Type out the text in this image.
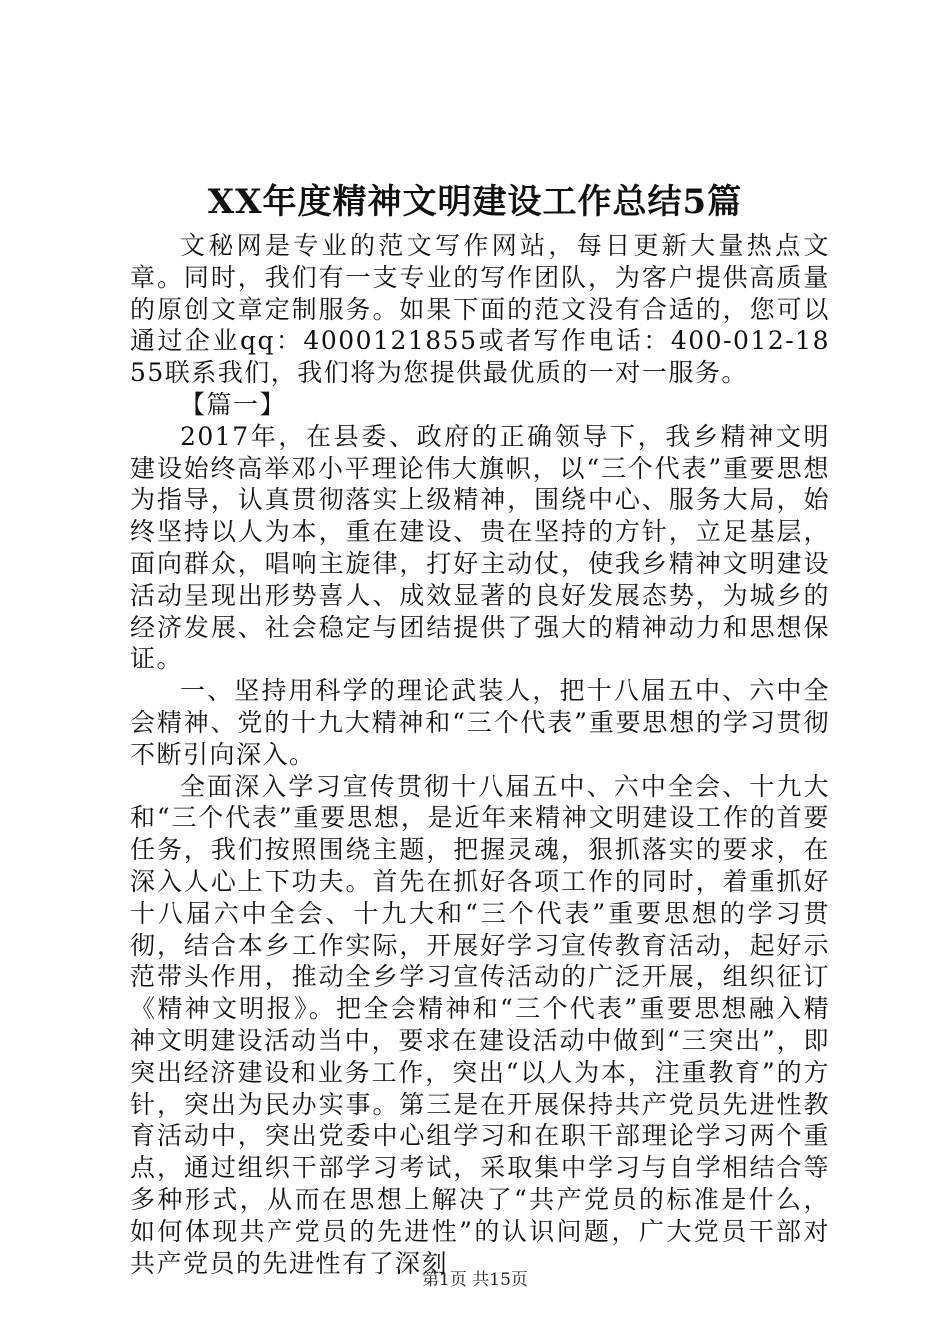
XX年度精神文明建设工作总结5篇

文秘网是专业的范文写作网站，每日更新大量热点文章。同时，我们有一支专业的写作团队，为客户提供高质量的原创文章定制服务。如果下面的范文没有合适的，您可以通过企业qq：4000121855或者写作电话：400-012-1855联系我们，我们将为您提供最优质的一对一服务。

【篇一】

2017年，在县委、政府的正确领导下，我乡精神文明建设始终高举邓小平理论伟大旗帜，以“三个代表”重要思想为指导，认真贯彻落实上级精神，围绕中心、服务大局，始终坚持以人为本，重在建设、贵在坚持的方针，立足基层，面向群众，唱响主旋律，打好主动仗，使我乡精神文明建设活动呈现出形势喜人、成效显著的良好发展态势，为城乡的经济发展、社会稳定与团结提供了强大的精神动力和思想保证。

一、坚持用科学的理论武装人，把十八届五中、六中全会精神、党的十九大精神和“三个代表”重要思想的学习贯彻不断引向深入。

全面深入学习宣传贯彻十八届五中、六中全会、十九大和“三个代表”重要思想，是近年来精神文明建设工作的首要任务，我们按照围绕主题，把握灵魂，狠抓落实的要求，在深入人心上下功夫。首先在抓好各项工作的同时，着重抓好十八届六中全会、十九大和“三个代表”重要思想的学习贯彻，结合本乡工作实际，开展好学习宣传教育活动，起好示范带头作用，推动全乡学习宣传活动的广泛开展，组织征订《精神文明报》。把全会精神和“三个代表”重要思想融入精神文明建设活动当中，要求在建设活动中做到“三突出”，即突出经济建设和业务工作，突出“以人为本，注重教育”的方针，突出为民办实事。第三是在开展保持共产党员先进性教育活动中，突出党委中心组学习和在职干部理论学习两个重点，通过组织干部学习考试，采取集中学习与自学相结合等多种形式，从而在思想上解决了“共产党员的标准是什么，如何体现共产党员的先进性”的认识问题，广大党员干部对共产党员的先进性有了深刻

第1页 共15页
